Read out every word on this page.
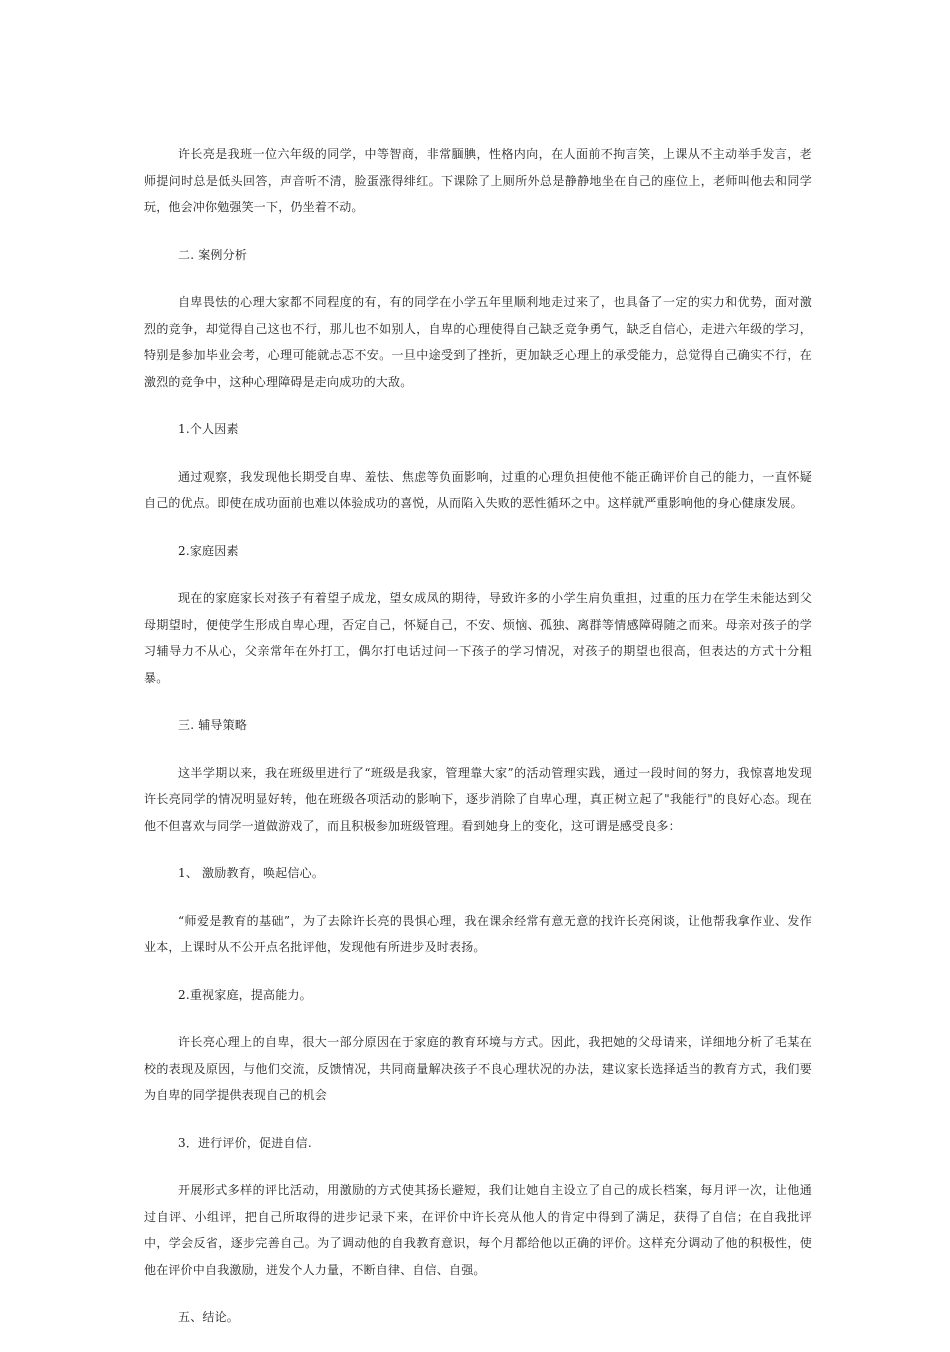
许长亮是我班一位六年级的同学，中等智商，非常腼腆，性格内向，在人面前不拘言笑，上课从不主动举手发言，老师提问时总是低头回答，声音听不清，脸蛋涨得绯红。下课除了上厕所外总是静静地坐在自己的座位上，老师叫他去和同学玩，他会冲你勉强笑一下，仍坐着不动。

二. 案例分析

自卑畏怯的心理大家都不同程度的有，有的同学在小学五年里顺利地走过来了，也具备了一定的实力和优势，面对激烈的竞争，却觉得自己这也不行，那儿也不如别人，自卑的心理使得自己缺乏竞争勇气，缺乏自信心，走进六年级的学习，特别是参加毕业会考，心理可能就忐忑不安。一旦中途受到了挫折，更加缺乏心理上的承受能力，总觉得自己确实不行，在激烈的竞争中，这种心理障碍是走向成功的大敌。

1.个人因素

通过观察，我发现他长期受自卑、羞怯、焦虑等负面影响，过重的心理负担使他不能正确评价自己的能力，一直怀疑自己的优点。即使在成功面前也难以体验成功的喜悦，从而陷入失败的恶性循环之中。这样就严重影响他的身心健康发展。

2.家庭因素

现在的家庭家长对孩子有着望子成龙，望女成凤的期待，导致许多的小学生肩负重担，过重的压力在学生未能达到父母期望时，便使学生形成自卑心理，否定自己，怀疑自己，不安、烦恼、孤独、离群等情感障碍随之而来。母亲对孩子的学习辅导力不从心，父亲常年在外打工，偶尔打电话过问一下孩子的学习情况，对孩子的期望也很高，但表达的方式十分粗暴。

三. 辅导策略

这半学期以来，我在班级里进行了“班级是我家，管理靠大家”的活动管理实践，通过一段时间的努力，我惊喜地发现许长亮同学的情况明显好转，他在班级各项活动的影响下，逐步消除了自卑心理，真正树立起了"我能行"的良好心态。现在他不但喜欢与同学一道做游戏了，而且积极参加班级管理。看到她身上的变化，这可谓是感受良多：

1、 激励教育，唤起信心。

“师爱是教育的基础”，为了去除许长亮的畏惧心理，我在课余经常有意无意的找许长亮闲谈，让他帮我拿作业、发作业本，上课时从不公开点名批评他，发现他有所进步及时表扬。

2.重视家庭，提高能力。

许长亮心理上的自卑，很大一部分原因在于家庭的教育环境与方式。因此，我把她的父母请来，详细地分析了毛某在校的表现及原因，与他们交流，反馈情况，共同商量解决孩子不良心理状况的办法，建议家长选择适当的教育方式，我们要为自卑的同学提供表现自己的机会

3．进行评价，促进自信.

开展形式多样的评比活动，用激励的方式使其扬长避短，我们让她自主设立了自己的成长档案，每月评一次，让他通过自评、小组评，把自己所取得的进步记录下来，在评价中许长亮从他人的肯定中得到了满足，获得了自信；在自我批评中，学会反省，逐步完善自己。为了调动他的自我教育意识，每个月都给他以正确的评价。这样充分调动了他的积极性，使他在评价中自我激励，迸发个人力量，不断自律、自信、自强。

五、结论。
